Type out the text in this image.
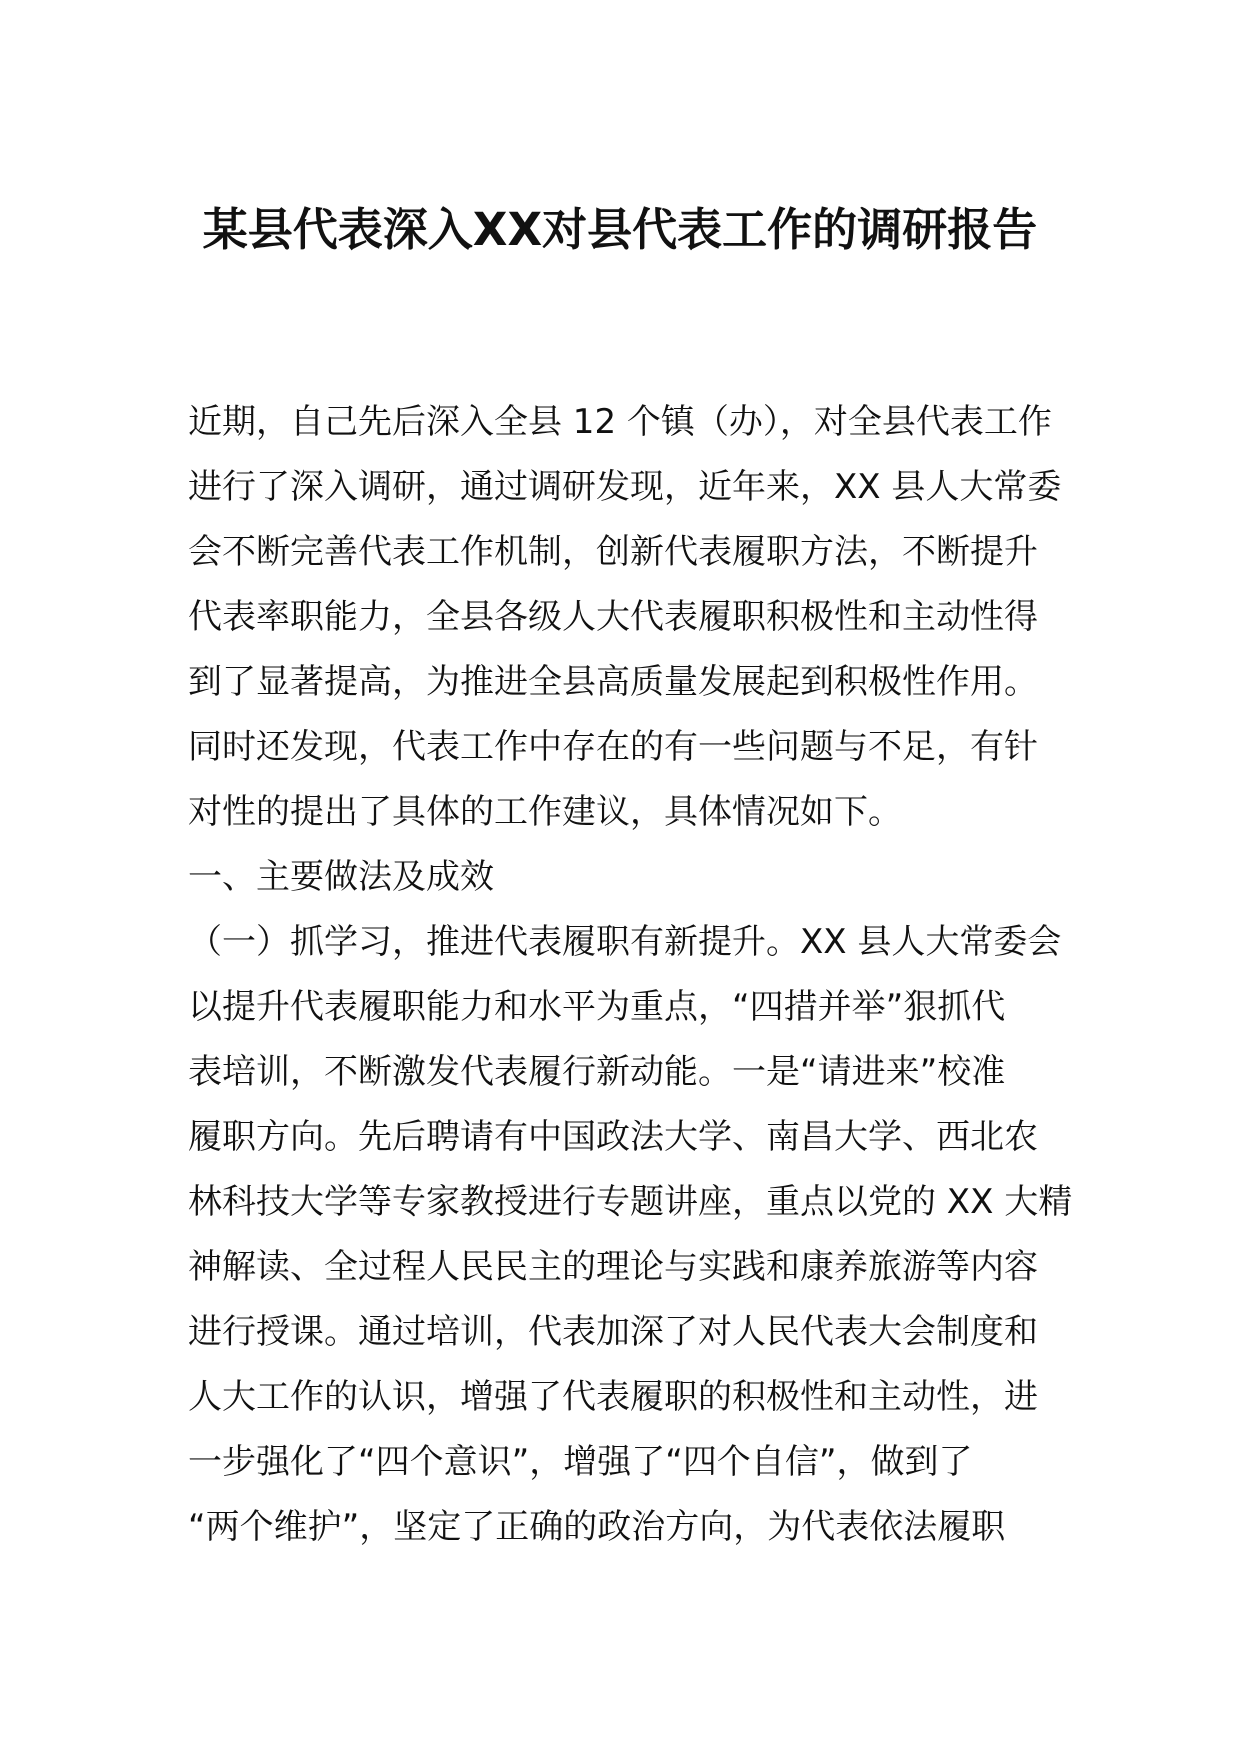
某县代表深入XX对县代表工作的调研报告
近期，自己先后深入全县 12 个镇（办），对全县代表工作
进行了深入调研，通过调研发现，近年来，XX 县人大常委
会不断完善代表工作机制，创新代表履职方法，不断提升
代表率职能力，全县各级人大代表履职积极性和主动性得
到了显著提高，为推进全县高质量发展起到积极性作用。
同时还发现，代表工作中存在的有一些问题与不足，有针
对性的提出了具体的工作建议，具体情况如下。
一、主要做法及成效
（一）抓学习，推进代表履职有新提升。XX 县人大常委会
以提升代表履职能力和水平为重点，“四措并举”狠抓代
表培训，不断激发代表履行新动能。一是“请进来”校准
履职方向。先后聘请有中国政法大学、南昌大学、西北农
林科技大学等专家教授进行专题讲座，重点以党的 XX 大精
神解读、全过程人民民主的理论与实践和康养旅游等内容
进行授课。通过培训，代表加深了对人民代表大会制度和
人大工作的认识，增强了代表履职的积极性和主动性，进
一步强化了“四个意识”，增强了“四个自信”，做到了
“两个维护”，坚定了正确的政治方向，为代表依法履职
